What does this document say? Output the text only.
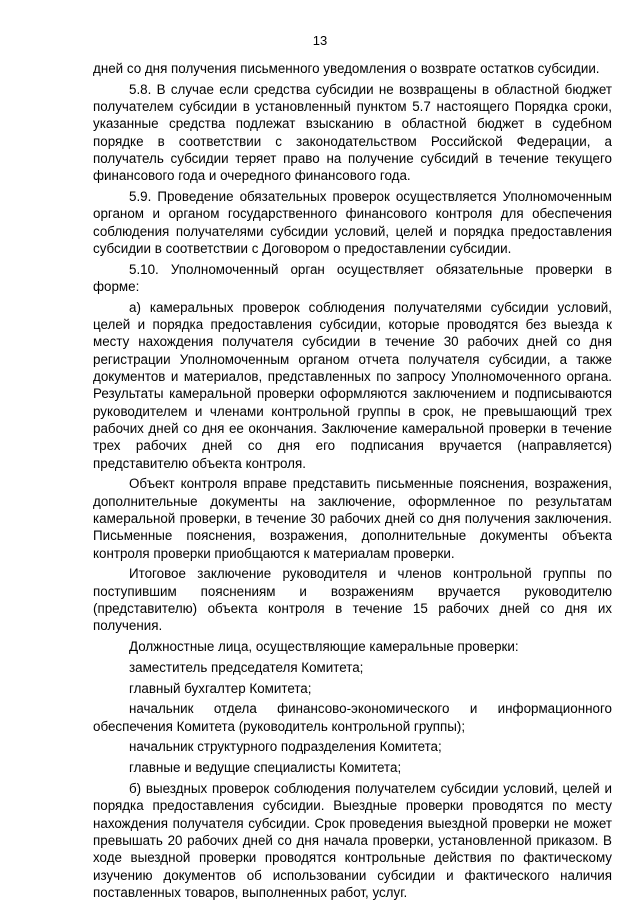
13

дней со дня получения письменного уведомления о возврате остатков субсидии.

5.8. В случае если средства субсидии не возвращены в областной бюджет получателем субсидии в установленный пунктом 5.7 настоящего Порядка сроки, указанные средства подлежат взысканию в областной бюджет в судебном порядке в соответствии с законодательством Российской Федерации, а получатель субсидии теряет право на получение субсидий в течение текущего финансового года и очередного финансового года.

5.9. Проведение обязательных проверок осуществляется Уполномоченным органом и органом государственного финансового контроля для обеспечения соблюдения получателями субсидии условий, целей и порядка предоставления субсидии в соответствии с Договором о предоставлении субсидии.

5.10. Уполномоченный орган осуществляет обязательные проверки в форме:

а) камеральных проверок соблюдения получателями субсидии условий, целей и порядка предоставления субсидии, которые проводятся без выезда к месту нахождения получателя субсидии в течение 30 рабочих дней со дня регистрации Уполномоченным органом отчета получателя субсидии, а также документов и материалов, представленных по запросу Уполномоченного органа. Результаты камеральной проверки оформляются заключением и подписываются руководителем и членами контрольной группы в срок, не превышающий трех рабочих дней со дня ее окончания. Заключение камеральной проверки в течение трех рабочих дней со дня его подписания вручается (направляется) представителю объекта контроля.

Объект контроля вправе представить письменные пояснения, возражения, дополнительные документы на заключение, оформленное по результатам камеральной проверки, в течение 30 рабочих дней со дня получения заключения. Письменные пояснения, возражения, дополнительные документы объекта контроля проверки приобщаются к материалам проверки.

Итоговое заключение руководителя и членов контрольной группы по поступившим пояснениям и возражениям вручается руководителю (представителю) объекта контроля в течение 15 рабочих дней со дня их получения.

Должностные лица, осуществляющие камеральные проверки:

заместитель председателя Комитета;

главный бухгалтер Комитета;

начальник отдела финансово-экономического и информационного обеспечения Комитета (руководитель контрольной группы);

начальник структурного подразделения Комитета;

главные и ведущие специалисты Комитета;

б) выездных проверок соблюдения получателем субсидии условий, целей и порядка предоставления субсидии. Выездные проверки проводятся по месту нахождения получателя субсидии. Срок проведения выездной проверки не может превышать 20 рабочих дней со дня начала проверки, установленной приказом. В ходе выездной проверки проводятся контрольные действия по фактическому изучению документов об использовании субсидии и фактического наличия поставленных товаров, выполненных работ, услуг.
